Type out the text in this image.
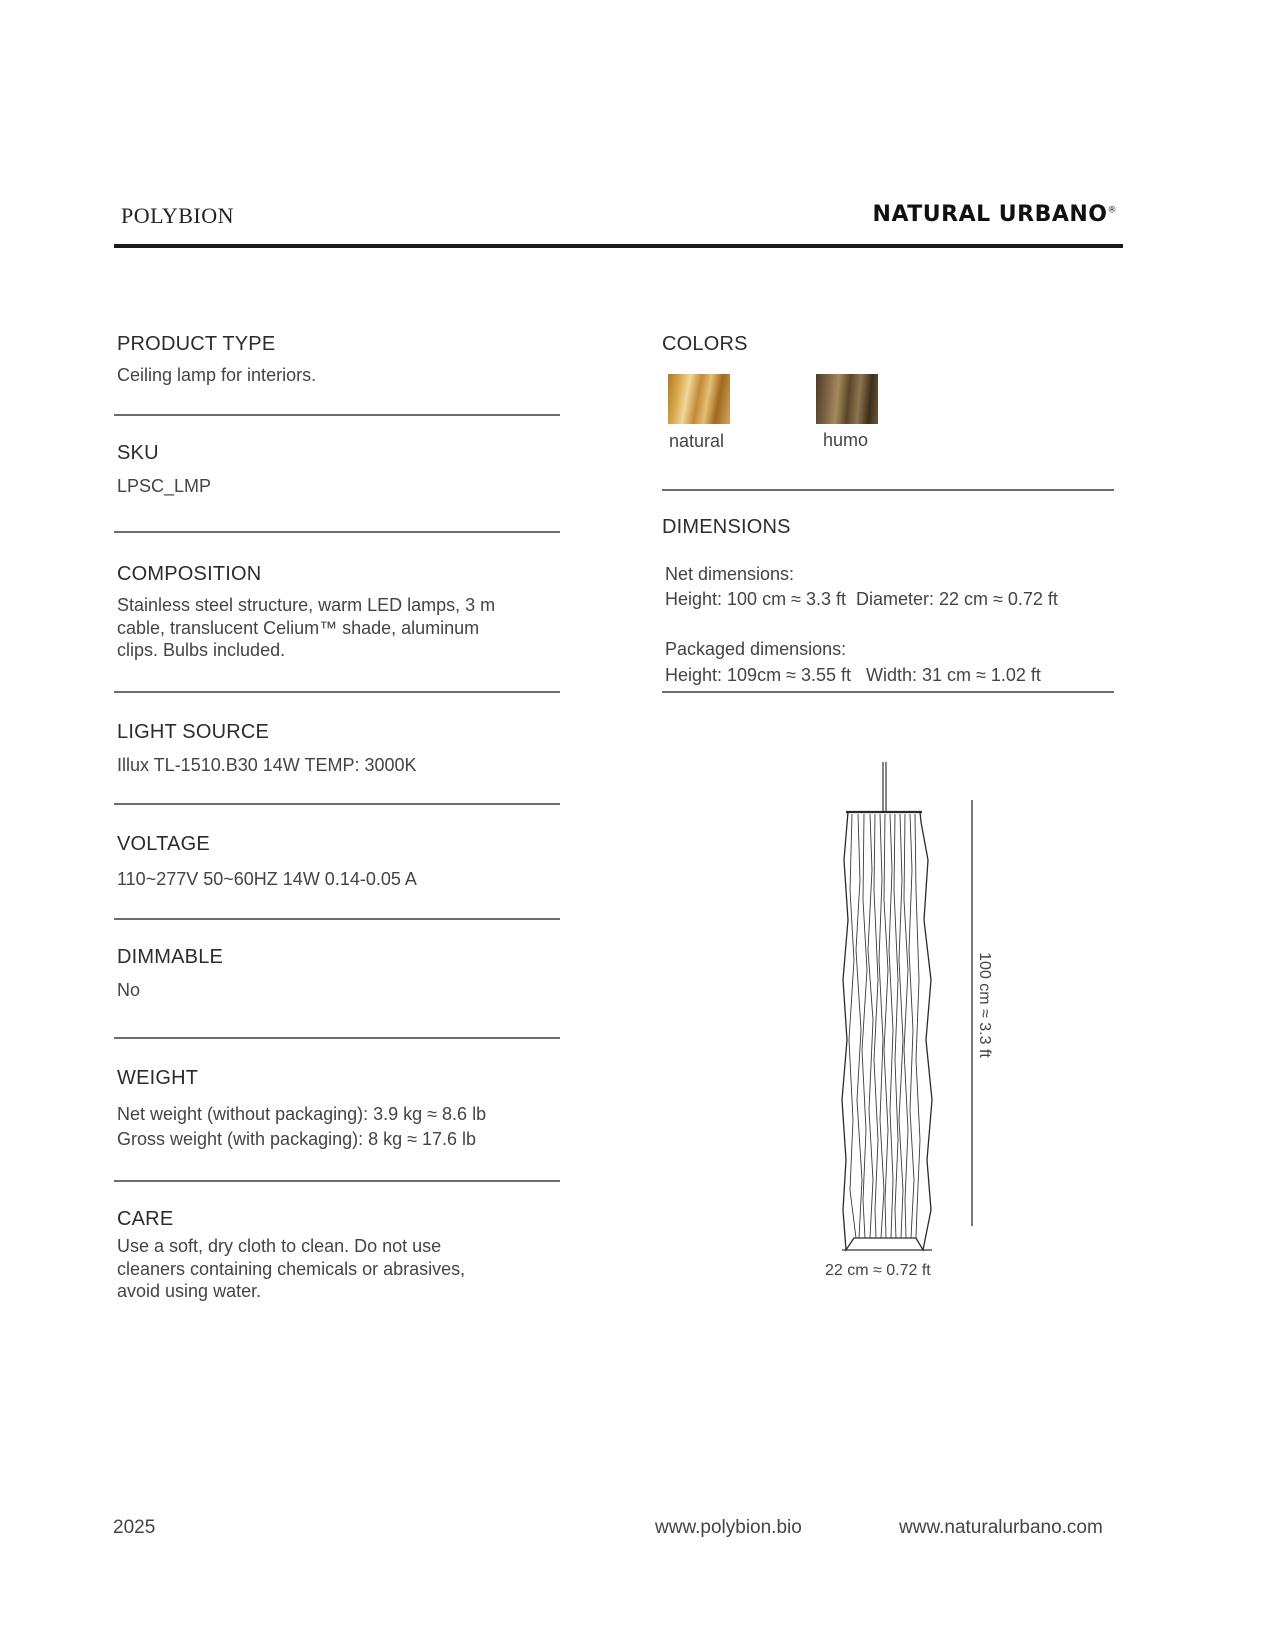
POLYBION	NATURAL URBANO®
PRODUCT TYPE
Ceiling lamp for interiors.
SKU
LPSC_LMP
COMPOSITION
Stainless steel structure, warm LED lamps, 3 m
cable, translucent Celium™ shade, aluminum
clips. Bulbs included.
LIGHT SOURCE
Illux TL-1510.B30 14W TEMP: 3000K
VOLTAGE
110~277V 50~60HZ 14W 0.14-0.05 A
DIMMABLE
No
WEIGHT
Net weight (without packaging): 3.9 kg ≈ 8.6 lb
Gross weight (with packaging): 8 kg ≈ 17.6 lb
CARE
Use a soft, dry cloth to clean. Do not use
cleaners containing chemicals or abrasives,
avoid using water.
COLORS
natural	humo
DIMENSIONS
Net dimensions:
Height: 100 cm ≈ 3.3 ft  Diameter: 22 cm ≈ 0.72 ft
Packaged dimensions:
Height: 109cm ≈ 3.55 ft   Width: 31 cm ≈ 1.02 ft
100 cm ≈ 3.3 ft
22 cm ≈ 0.72 ft
2025	www.polybion.bio	www.naturalurbano.com
